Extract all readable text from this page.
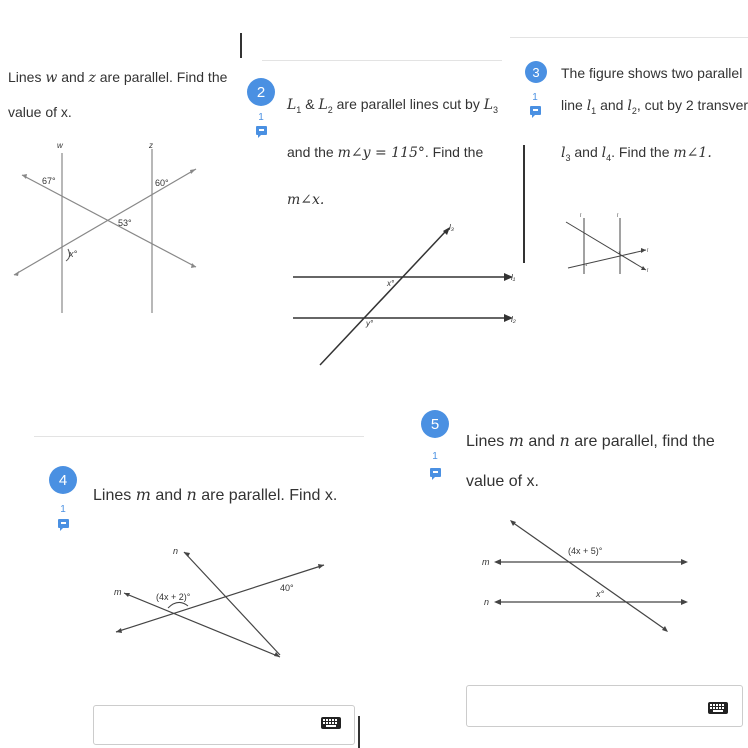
Lines w and z are parallel. Find the
value of x.
w	z
67°	60°
53°
x°
2
1
$L_1$ & $L_2$ are parallel lines cut by $L_3$
and the m∠y = 115°. Find the
m∠x.
l₃
l₁
l₂
x°
y°
3
1
The figure shows two parallel
line $l_1$ and $l_2$, cut by 2 transver
$l_3$ and $l_4$. Find the m∠1.
l	l
l
l
1
1
4
1
Lines m and n are parallel. Find x.
n
m	(4x + 2)°
40°
5
1
Lines m and n are parallel, find the
value of x.
m
n
(4x + 5)°
x°
